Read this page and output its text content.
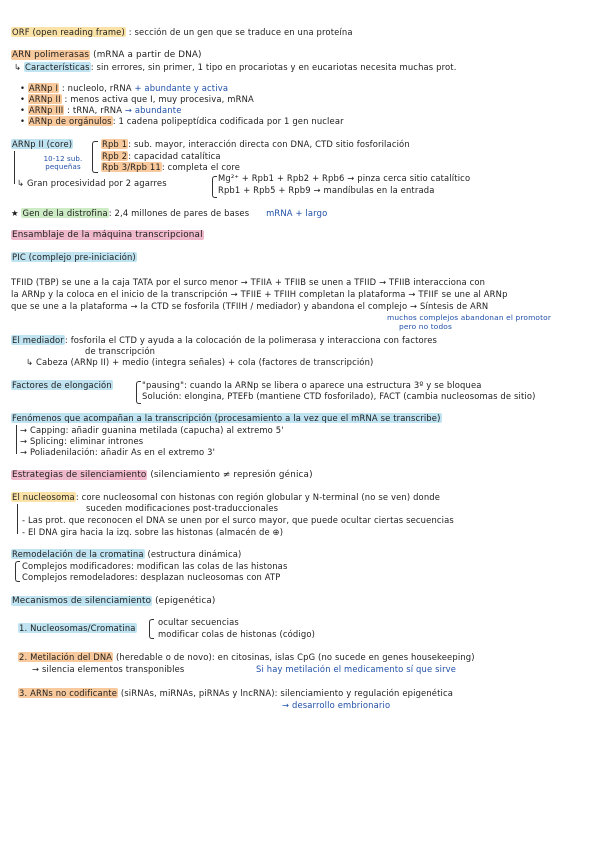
ORF (open reading frame) : sección de un gen que se traduce en una proteína
ARN polimerasas (mRNA a partir de DNA)
↳ Características: sin errores, sin primer, 1 tipo en procariotas y en eucariotas necesita muchas prot.
• ARNp I : nucleolo, rRNA + abundante y activa
• ARNp II : menos activa que I, muy procesiva, mRNA
• ARNp III : tRNA, rRNA → abundante
• ARNp de orgánulos: 1 cadena polipeptídica codificada por 1 gen nuclear
ARNp II (core)
10-12 sub. pequeñas
Rpb 1: sub. mayor, interacción directa con DNA, CTD sitio fosforilación
Rpb 2: capacidad catalítica
Rpb 3/Rpb 11: completa el core
Mg²⁺ + Rpb1 + Rpb2 + Rpb6 → pinza cerca sitio catalítico
↳ Gran procesividad por 2 agarres
Rpb1 + Rpb5 + Rpb9 → mandíbulas en la entrada
★ Gen de la distrofina: 2,4 millones de pares de bases mRNA + largo
Ensamblaje de la máquina transcripcional
PIC (complejo pre-iniciación)
TFIID (TBP) se une a la caja TATA por el surco menor → TFIIA + TFIIB se unen a TFIID → TFIIB interacciona con
la ARNp y la coloca en el inicio de la transcripción → TFIIE + TFIIH completan la plataforma → TFIIF se une al ARNp
que se une a la plataforma → la CTD se fosforila (TFIIH / mediador) y abandona el complejo → Síntesis de ARN
muchos complejos abandonan el promotor
pero no todos
El mediador: fosforila el CTD y ayuda a la colocación de la polimerasa y interacciona con factores
de transcripción
↳ Cabeza (ARNp II) + medio (integra señales) + cola (factores de transcripción)
Factores de elongación	"pausing": cuando la ARNp se libera o aparece una estructura 3º y se bloquea
Solución: elongina, PTEFb (mantiene CTD fosforilado), FACT (cambia nucleosomas de sitio)
Fenómenos que acompañan a la transcripción (procesamiento a la vez que el mRNA se transcribe)
→ Capping: añadir guanina metilada (capucha) al extremo 5'
→ Splicing: eliminar intrones
→ Poliadenilación: añadir As en el extremo 3'
Estrategias de silenciamiento (silenciamiento ≠ represión génica)
El nucleosoma: core nucleosomal con histonas con región globular y N-terminal (no se ven) donde
suceden modificaciones post-traduccionales
- Las prot. que reconocen el DNA se unen por el surco mayor, que puede ocultar ciertas secuencias
- El DNA gira hacia la izq. sobre las histonas (almacén de ⊕)
Remodelación de la cromatina (estructura dinámica)
Complejos modificadores: modifican las colas de las histonas
Complejos remodeladores: desplazan nucleosomas con ATP
Mecanismos de silenciamiento (epigenética)
1. Nucleosomas/Cromatina
ocultar secuencias
modificar colas de histonas (código)
2. Metilación del DNA (heredable o de novo): en citosinas, islas CpG (no sucede en genes housekeeping)
→ silencia elementos transponibles	Si hay metilación el medicamento sí que sirve
3. ARNs no codificante (siRNAs, miRNAs, piRNAs y lncRNA): silenciamiento y regulación epigenética
→ desarrollo embrionario
